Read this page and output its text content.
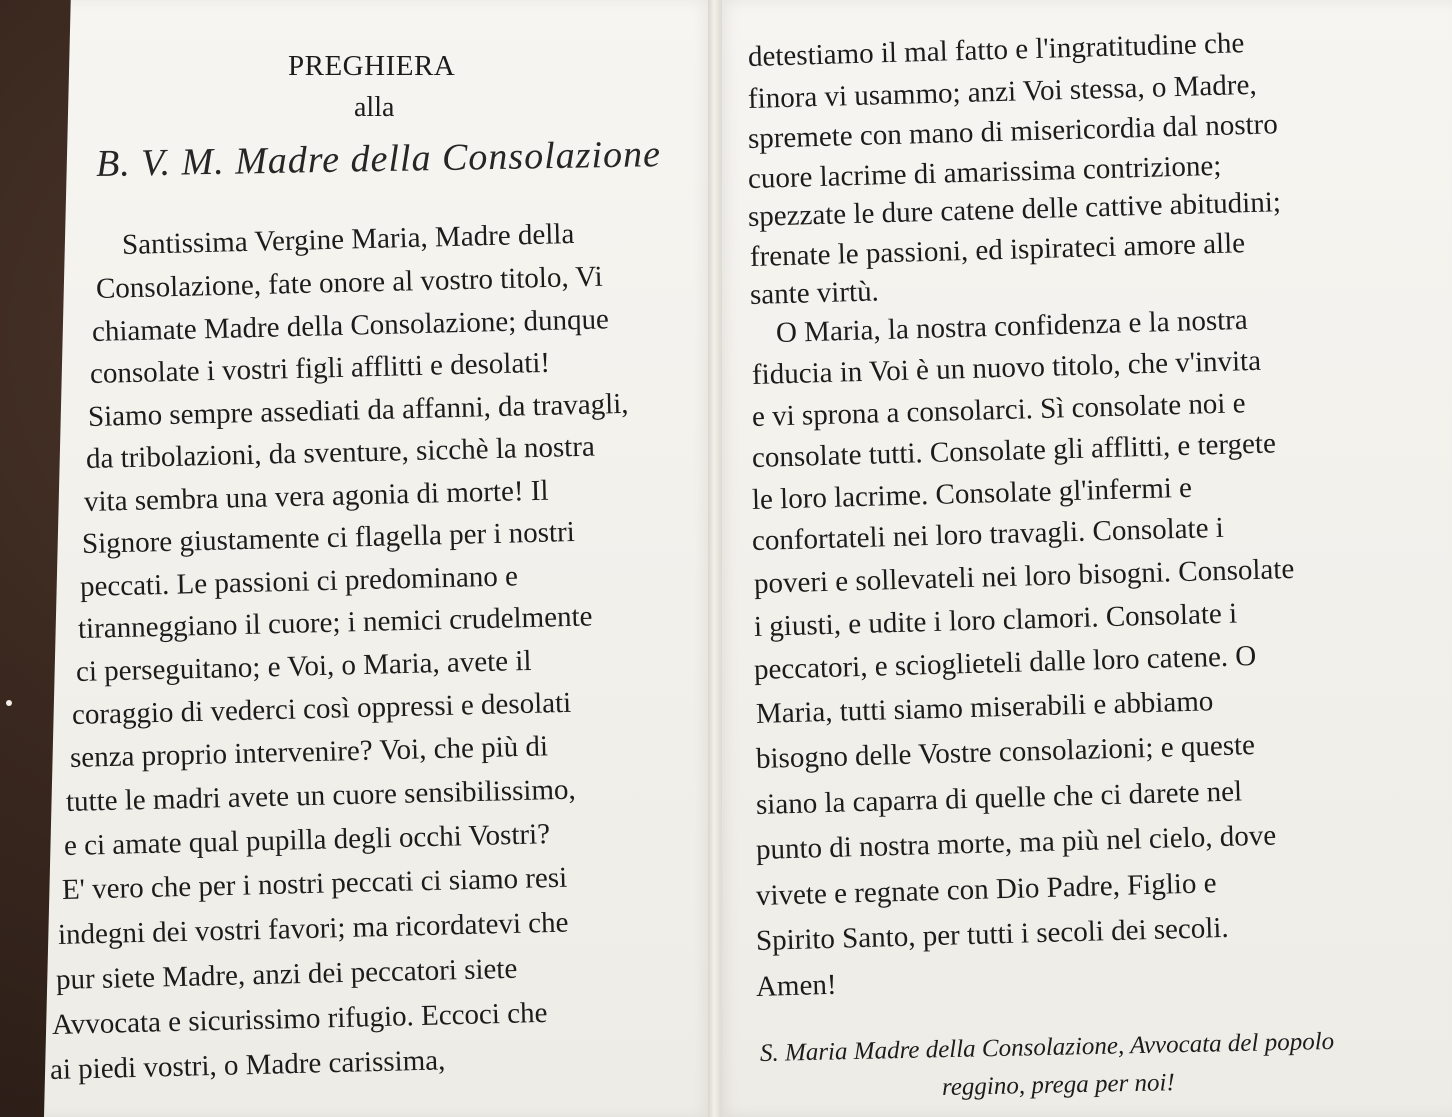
PREGHIERA
alla
B. V. M. Madre della Consolazione
Santissima Vergine Maria, Madre della
Consolazione, fate onore al vostro titolo, Vi
chiamate Madre della Consolazione; dunque
consolate i vostri figli afflitti e desolati!
Siamo sempre assediati da affanni, da travagli,
da tribolazioni, da sventure, sicchè la nostra
vita sembra una vera agonia di morte! Il
Signore giustamente ci flagella per i nostri
peccati. Le passioni ci predominano e
tiranneggiano il cuore; i nemici crudelmente
ci perseguitano; e Voi, o Maria, avete il
coraggio di vederci così oppressi e desolati
senza proprio intervenire? Voi, che più di
tutte le madri avete un cuore sensibilissimo,
e ci amate qual pupilla degli occhi Vostri?
E' vero che per i nostri peccati ci siamo resi
indegni dei vostri favori; ma ricordatevi che
pur siete Madre, anzi dei peccatori siete
Avvocata e sicurissimo rifugio. Eccoci che
ai piedi vostri, o Madre carissima,
detestiamo il mal fatto e l'ingratitudine che
finora vi usammo; anzi Voi stessa, o Madre,
spremete con mano di misericordia dal nostro
cuore lacrime di amarissima contrizione;
spezzate le dure catene delle cattive abitudini;
frenate le passioni, ed ispirateci amore alle
sante virtù.
O Maria, la nostra confidenza e la nostra
fiducia in Voi è un nuovo titolo, che v'invita
e vi sprona a consolarci. Sì consolate noi e
consolate tutti. Consolate gli afflitti, e tergete
le loro lacrime. Consolate gl'infermi e
confortateli nei loro travagli. Consolate i
poveri e sollevateli nei loro bisogni. Consolate
i giusti, e udite i loro clamori. Consolate i
peccatori, e scioglieteli dalle loro catene. O
Maria, tutti siamo miserabili e abbiamo
bisogno delle Vostre consolazioni; e queste
siano la caparra di quelle che ci darete nel
punto di nostra morte, ma più nel cielo, dove
vivete e regnate con Dio Padre, Figlio e
Spirito Santo, per tutti i secoli dei secoli.
Amen!
S. Maria Madre della Consolazione, Avvocata del popolo
reggino, prega per noi!
